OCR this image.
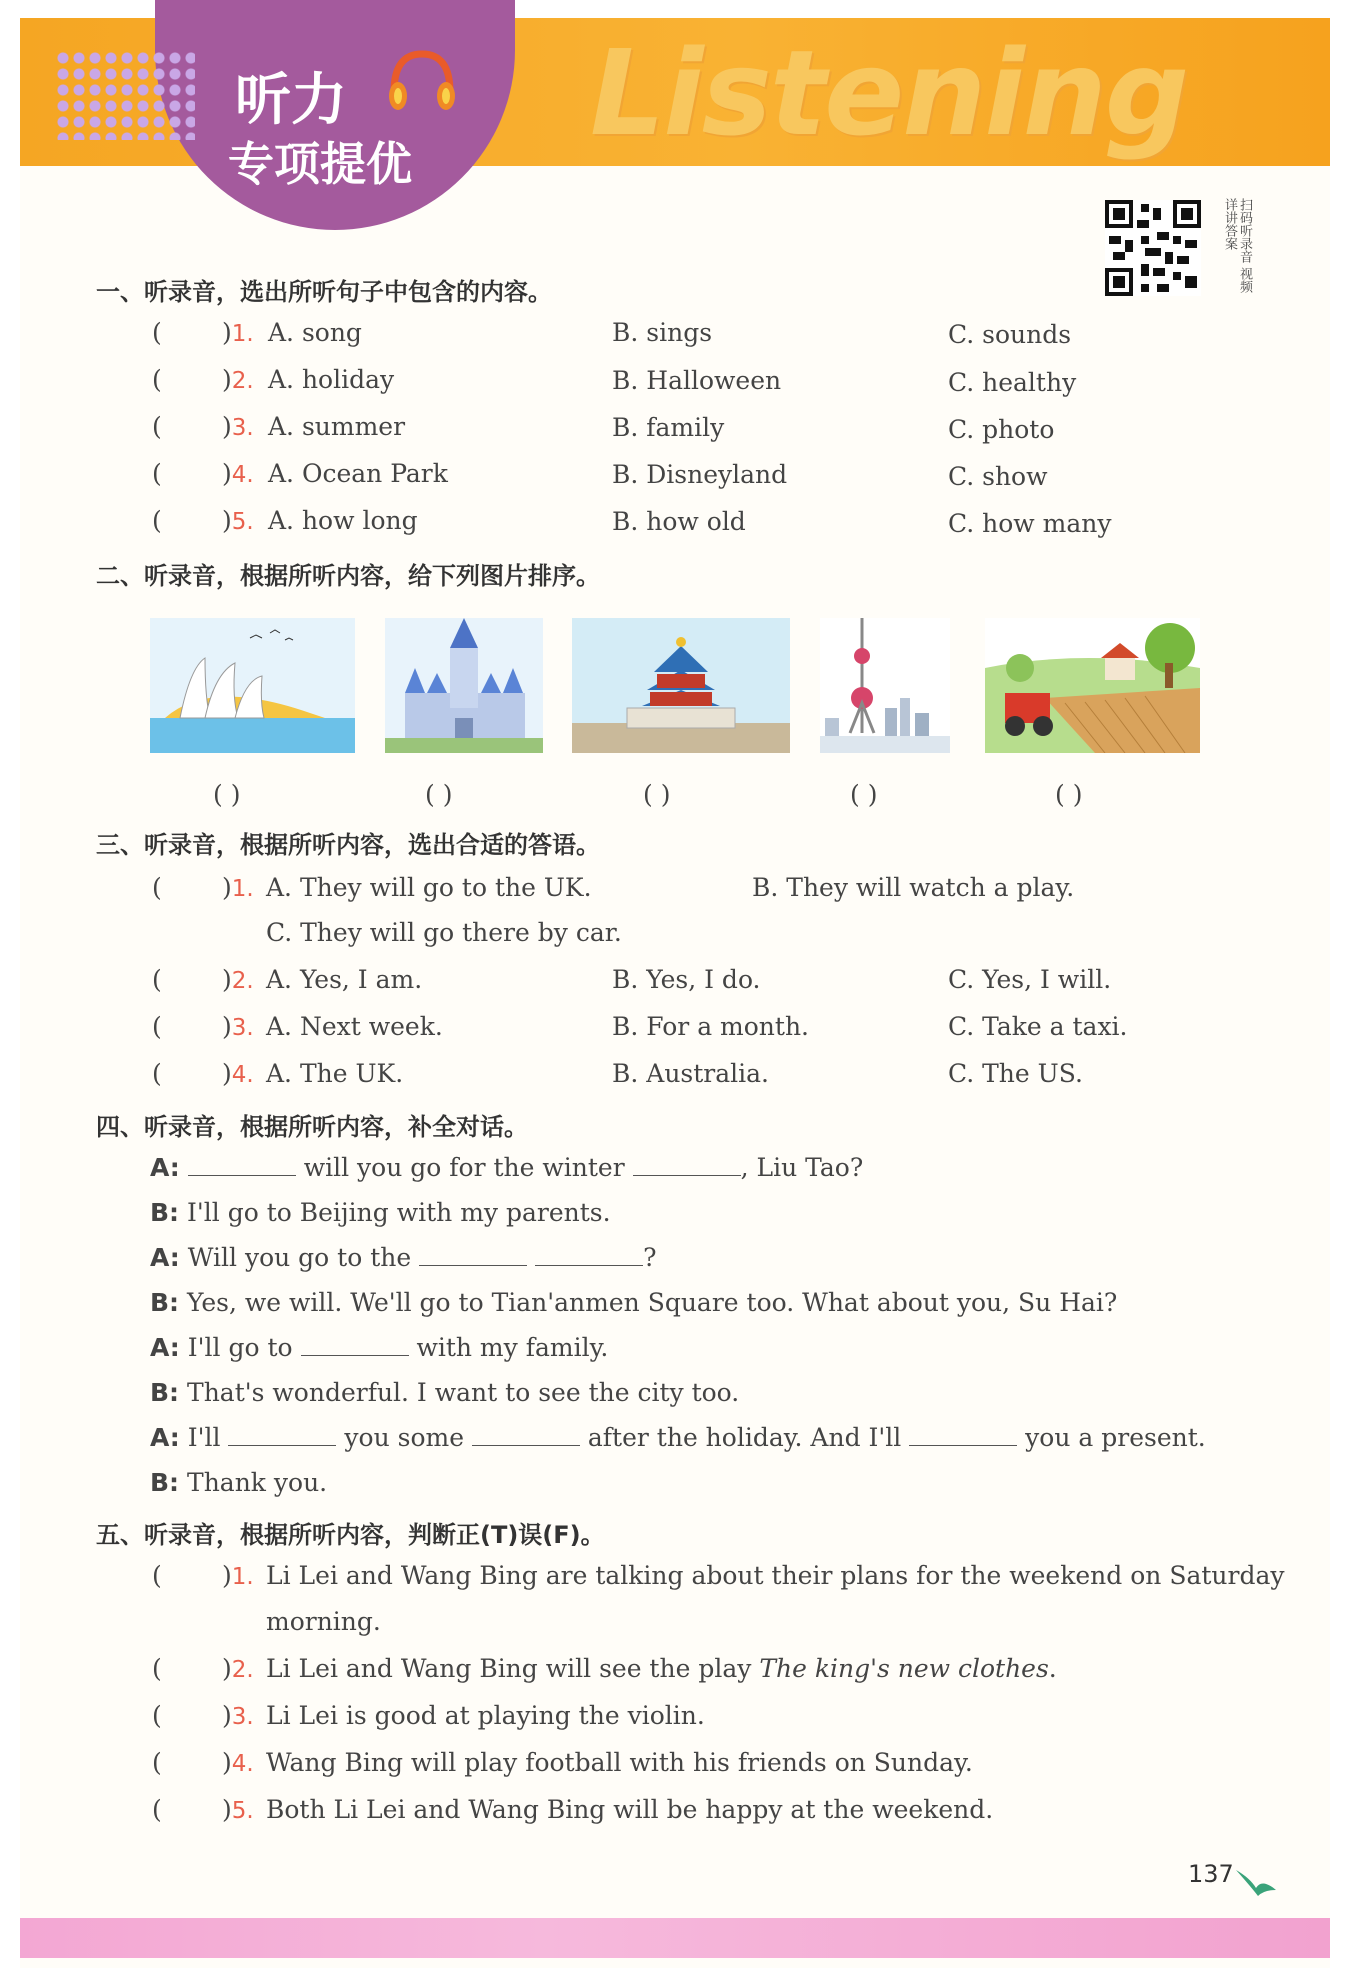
Listening
听力
专项提优
扫码听录音 视频详讲答案
一、听录音，选出所听句子中包含的内容。
( )1. A. song	B. sings	C. sounds
( )2. A. holiday	B. Halloween	C. healthy
( )3. A. summer	B. family	C. photo
( )4. A. Ocean Park	B. Disneyland	C. show
( )5. A. how long	B. how old	C. how many
二、听录音，根据所听内容，给下列图片排序。
( )	( )	( )	( )	( )
三、听录音，根据所听内容，选出合适的答语。
( )1. A. They will go to the UK.	B. They will watch a play.
C. They will go there by car.
( )2. A. Yes, I am.	B. Yes, I do.	C. Yes, I will.
( )3. A. Next week.	B. For a month.	C. Take a taxi.
( )4. A. The UK.	B. Australia.	C. The US.
四、听录音，根据所听内容，补全对话。
A:	will you go for the winter	, Liu Tao?
B: I'll go to Beijing with my parents.
A: Will you go to the	?
B: Yes, we will. We'll go to Tian'anmen Square too. What about you, Su Hai?
A: I'll go to	with my family.
B: That's wonderful. I want to see the city too.
A: I'll	you some	after the holiday. And I'll	you a present.
B: Thank you.
五、听录音，根据所听内容，判断正(T)误(F)。
( )1. Li Lei and Wang Bing are talking about their plans for the weekend on Saturday
morning.
( )2. Li Lei and Wang Bing will see the play The king's new clothes.
( )3. Li Lei is good at playing the violin.
( )4. Wang Bing will play football with his friends on Sunday.
( )5. Both Li Lei and Wang Bing will be happy at the weekend.
137
